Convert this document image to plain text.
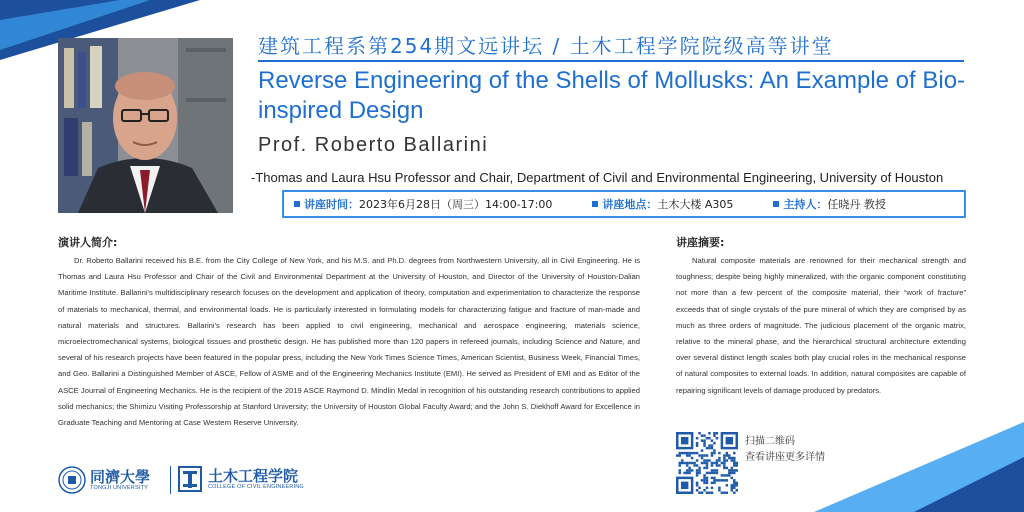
建筑工程系第254期文远讲坛 / 土木工程学院院级高等讲堂
Reverse Engineering of the Shells of Mollusks: An Example of Bio-inspired Design
Prof. Roberto Ballarini
-Thomas and Laura Hsu Professor and Chair, Department of Civil and Environmental Engineering, University of Houston
讲座时间： 2023年6月28日（周三）14:00-17:00	讲座地点： 土木大楼 A305	主持人： 任晓丹 教授
演讲人简介:
Dr. Roberto Ballarini received his B.E. from the City College of New York, and his M.S. and Ph.D. degrees from Northwestern University, all in Civil Engineering. He is Thomas and Laura Hsu Professor and Chair of the Civil and Environmental Department at the University of Houston, and Director of the University of Houston-Dalian Maritime Institute. Ballarini's multidisciplinary research focuses on the development and application of theory, computation and experimentation to characterize the response of materials to mechanical, thermal, and environmental loads. He is particularly interested in formulating models for characterizing fatigue and fracture of man-made and natural materials and structures. Ballarini's research has been applied to civil engineering, mechanical and aerospace engineering, materials science, microelectromechanical systems, biological tissues and prosthetic design. He has published more than 120 papers in refereed journals, including Science and Nature, and several of his research projects have been featured in the popular press, including the New York Times Science Times, American Scientist, Business Week, Financial Times, and Geo. Ballarini a Distinguished Member of ASCE, Fellow of ASME and of the Engineering Mechanics Institute (EMI). He served as President of EMI and as Editor of the ASCE Journal of Engineering Mechanics. He is the recipient of the 2019 ASCE Raymond D. Mindlin Medal in recognition of his outstanding research contributions to applied solid mechanics; the Shimizu Visiting Professorship at Stanford University; the University of Houston Global Faculty Award; and the John S. Diekhoff Award for Excellence in Graduate Teaching and Mentoring at Case Western Reserve University.
讲座摘要:
Natural composite materials are renowned for their mechanical strength and toughness; despite being highly mineralized, with the organic component constituting not more than a few percent of the composite material, their “work of fracture” exceeds that of single crystals of the pure mineral of which they are comprised by as much as three orders of magnitude. The judicious placement of the organic matrix, relative to the mineral phase, and the hierarchical structural architecture extending over several distinct length scales both play crucial roles in the mechanical response of natural composites to external loads. In addition, natural composites are capable of repairing significant levels of damage produced by predators.
扫描二维码
查看讲座更多详情
同濟大學
TONGJI UNIVERSITY
土木工程学院
COLLEGE OF CIVIL ENGINEERING
